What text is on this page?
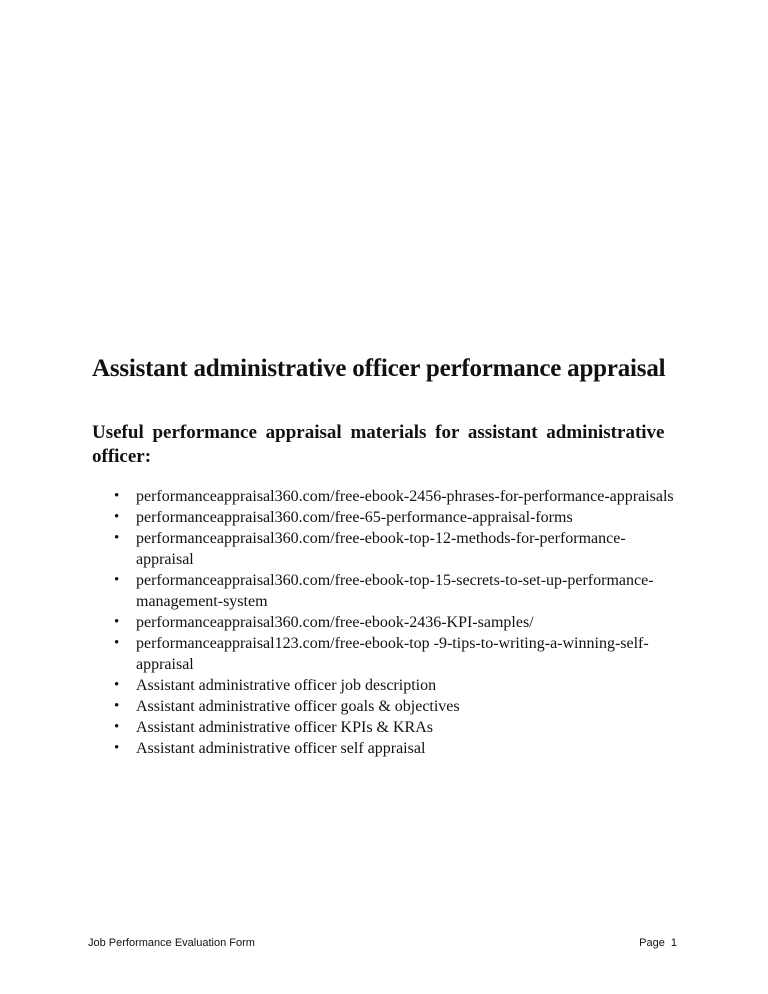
Assistant administrative officer performance appraisal

Useful performance appraisal materials for assistant administrative officer:

• performanceappraisal360.com/free-ebook-2456-phrases-for-performance-appraisals
• performanceappraisal360.com/free-65-performance-appraisal-forms
• performanceappraisal360.com/free-ebook-top-12-methods-for-performance-appraisal
• performanceappraisal360.com/free-ebook-top-15-secrets-to-set-up-performance-management-system
• performanceappraisal360.com/free-ebook-2436-KPI-samples/
• performanceappraisal123.com/free-ebook-top -9-tips-to-writing-a-winning-self-appraisal
• Assistant administrative officer job description
• Assistant administrative officer goals & objectives
• Assistant administrative officer KPIs & KRAs
• Assistant administrative officer self appraisal
Job Performance Evaluation Form	Page 1
